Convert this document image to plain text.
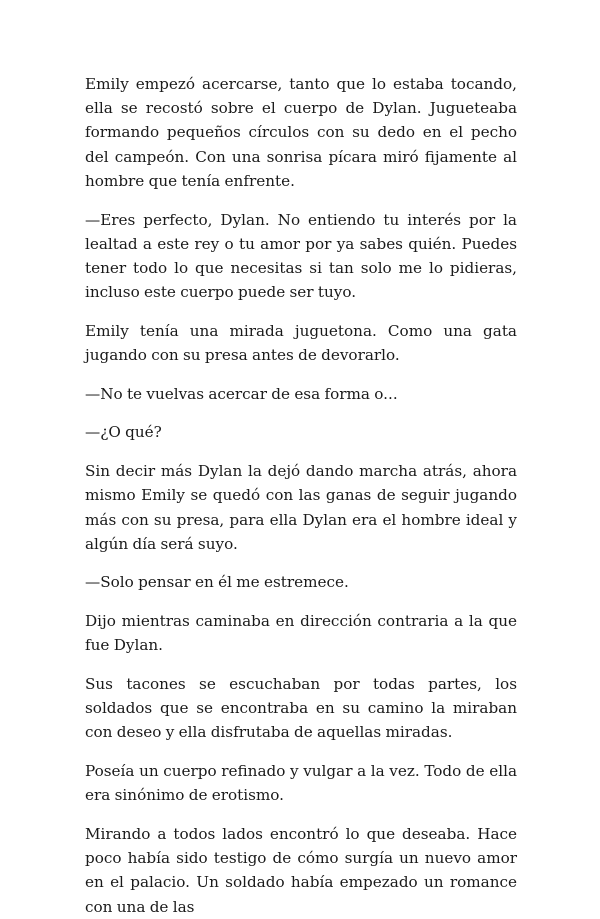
Emily empezó acercarse, tanto que lo estaba tocando, ella se recostó sobre el cuerpo de Dylan. Jugueteaba formando pequeños círculos con su dedo en el pecho del campeón. Con una sonrisa pícara miró fijamente al hombre que tenía enfrente.

—Eres perfecto, Dylan. No entiendo tu interés por la lealtad a este rey o tu amor por ya sabes quién. Puedes tener todo lo que necesitas si tan solo me lo pidieras, incluso este cuerpo puede ser tuyo.

Emily tenía una mirada juguetona. Como una gata jugando con su presa antes de devorarlo.

—No te vuelvas acercar de esa forma o...

—¿O qué?

Sin decir más Dylan la dejó dando marcha atrás, ahora mismo Emily se quedó con las ganas de seguir jugando más con su presa, para ella Dylan era el hombre ideal y algún día será suyo.

—Solo pensar en él me estremece.

Dijo mientras caminaba en dirección contraria a la que fue Dylan.

Sus tacones se escuchaban por todas partes, los soldados que se encontraba en su camino la miraban con deseo y ella disfrutaba de aquellas miradas.

Poseía un cuerpo refinado y vulgar a la vez. Todo de ella era sinónimo de erotismo.

Mirando a todos lados encontró lo que deseaba. Hace poco había sido testigo de cómo surgía un nuevo amor en el palacio. Un soldado había empezado un romance con una de las
